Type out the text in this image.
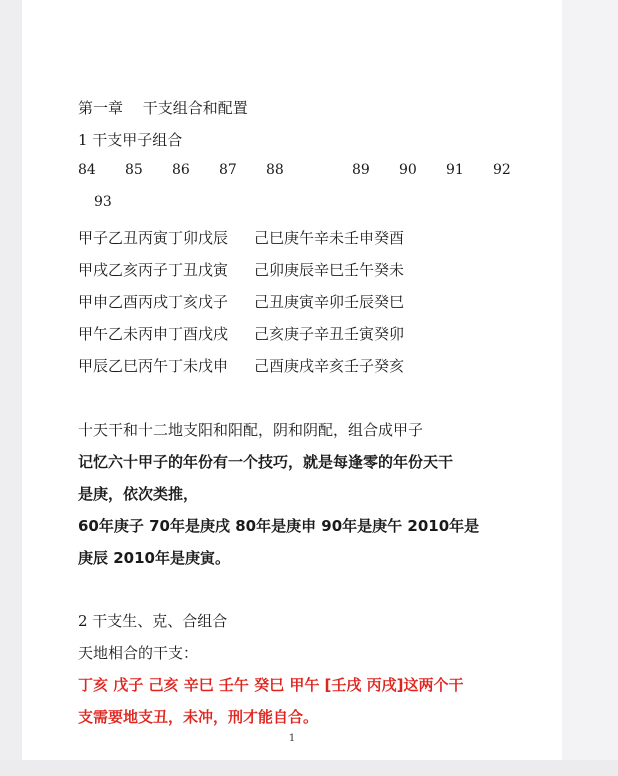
第一章　 干支组合和配置
1 干支甲子组合
84 85 86 87 88	89 90 91 92
93
甲子乙丑丙寅丁卯戊辰 己巳庚午辛未壬申癸酉
甲戌乙亥丙子丁丑戊寅 己卯庚辰辛巳壬午癸未
甲申乙酉丙戌丁亥戊子 己丑庚寅辛卯壬辰癸巳
甲午乙未丙申丁酉戊戌 己亥庚子辛丑壬寅癸卯
甲辰乙巳丙午丁未戊申 己酉庚戌辛亥壬子癸亥
十天干和十二地支阳和阳配，阴和阴配，组合成甲子
记忆六十甲子的年份有一个技巧，就是每逢零的年份天干
是庚，依次类推，
60年庚子 70年是庚戌 80年是庚申 90年是庚午 2010年是
庚辰 2010年是庚寅。
2 干支生、克、合组合
天地相合的干支：
丁亥 戊子 己亥 辛巳 壬午 癸巳 甲午 [壬戌 丙戌]这两个干
支需要地支丑，未冲，刑才能自合。
1
